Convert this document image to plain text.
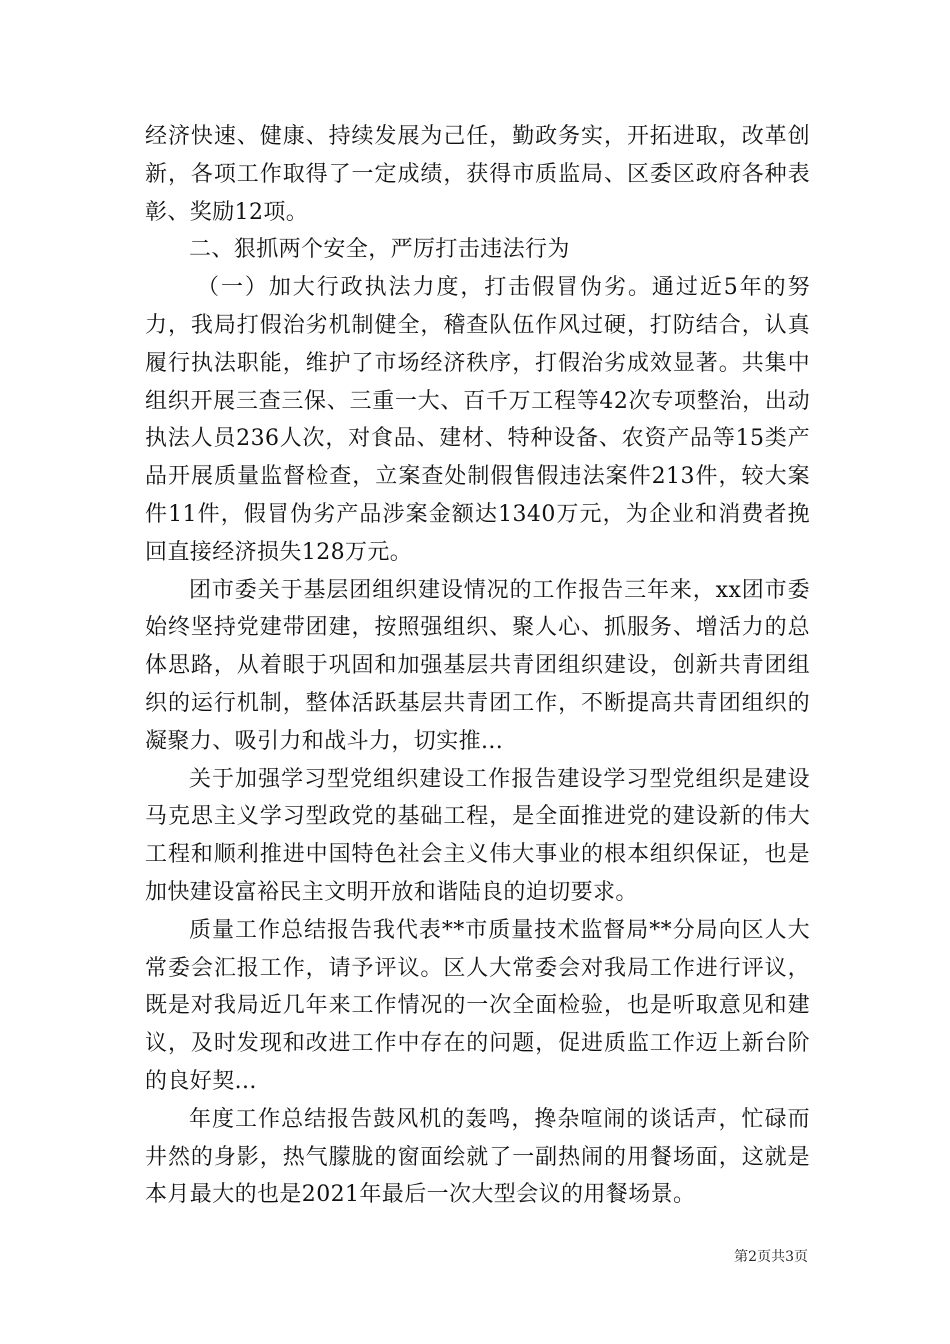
经济快速、健康、持续发展为己任，勤政务实，开拓进取，改革创新，各项工作取得了一定成绩，获得市质监局、区委区政府各种表彰、奖励12项。

二、狠抓两个安全，严厉打击违法行为

（一）加大行政执法力度，打击假冒伪劣。通过近5年的努力，我局打假治劣机制健全，稽查队伍作风过硬，打防结合，认真履行执法职能，维护了市场经济秩序，打假治劣成效显著。共集中组织开展三查三保、三重一大、百千万工程等42次专项整治，出动执法人员236人次，对食品、建材、特种设备、农资产品等15类产品开展质量监督检查，立案查处制假售假违法案件213件，较大案件11件，假冒伪劣产品涉案金额达1340万元，为企业和消费者挽回直接经济损失128万元。

团市委关于基层团组织建设情况的工作报告三年来，xx团市委始终坚持党建带团建，按照强组织、聚人心、抓服务、增活力的总体思路，从着眼于巩固和加强基层共青团组织建设，创新共青团组织的运行机制，整体活跃基层共青团工作，不断提高共青团组织的凝聚力、吸引力和战斗力，切实推...

关于加强学习型党组织建设工作报告建设学习型党组织是建设马克思主义学习型政党的基础工程，是全面推进党的建设新的伟大工程和顺利推进中国特色社会主义伟大事业的根本组织保证，也是加快建设富裕民主文明开放和谐陆良的迫切要求。

质量工作总结报告我代表**市质量技术监督局**分局向区人大常委会汇报工作，请予评议。区人大常委会对我局工作进行评议，既是对我局近几年来工作情况的一次全面检验，也是听取意见和建议，及时发现和改进工作中存在的问题，促进质监工作迈上新台阶的良好契...

年度工作总结报告鼓风机的轰鸣，搀杂喧闹的谈话声，忙碌而井然的身影，热气朦胧的窗面绘就了一副热闹的用餐场面，这就是本月最大的也是2021年最后一次大型会议的用餐场景。

第2页共3页
